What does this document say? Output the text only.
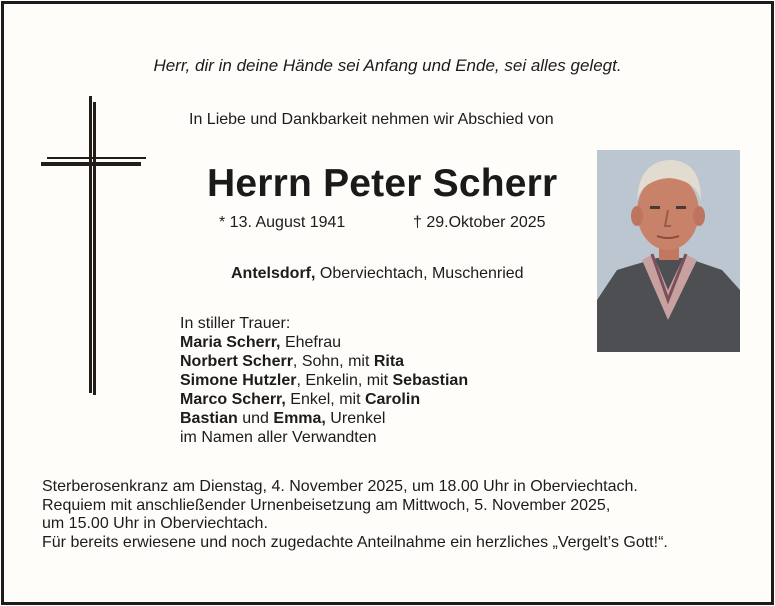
Herr, dir in deine Hände sei Anfang und Ende, sei alles gelegt.
In Liebe und Dankbarkeit nehmen wir Abschied von
Herrn Peter Scherr
* 13. August 1941	† 29.Oktober 2025
Antelsdorf, Oberviechtach, Muschenried
In stiller Trauer:
Maria Scherr, Ehefrau
Norbert Scherr, Sohn, mit Rita
Simone Hutzler, Enkelin, mit Sebastian
Marco Scherr, Enkel, mit Carolin
Bastian und Emma, Urenkel
im Namen aller Verwandten
Sterberosenkranz am Dienstag, 4. November 2025, um 18.00 Uhr in Oberviechtach.
Requiem mit anschließender Urnenbeisetzung am Mittwoch, 5. November 2025,
um 15.00 Uhr in Oberviechtach.
Für bereits erwiesene und noch zugedachte Anteilnahme ein herzliches „Vergelt’s Gott!“.
